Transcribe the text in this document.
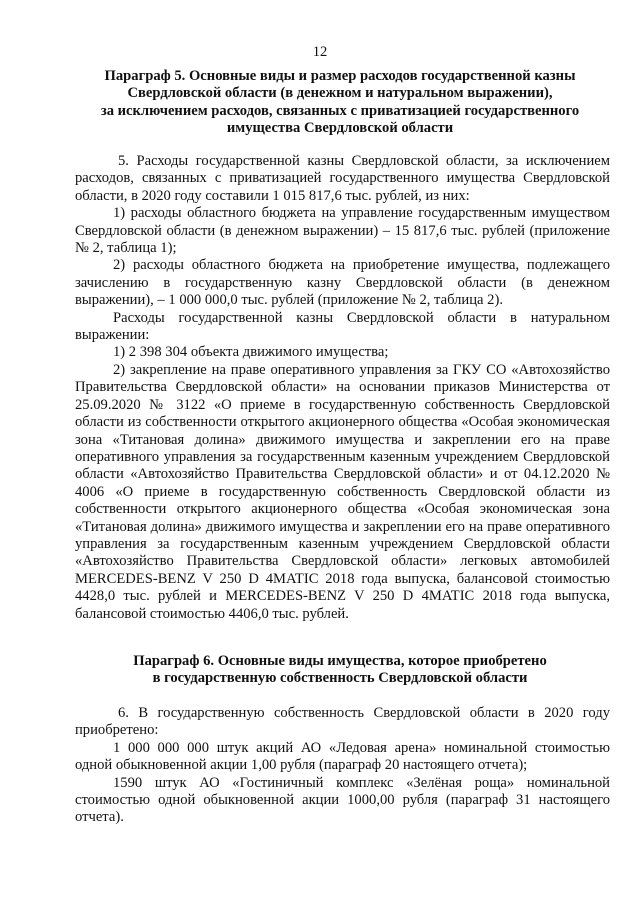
12
Параграф 5. Основные виды и размер расходов государственной казны
Свердловской области (в денежном и натуральном выражении),
за исключением расходов, связанных с приватизацией государственного
имущества Свердловской области

5. Расходы государственной казны Свердловской области, за исключением расходов, связанных с приватизацией государственного имущества Свердловской области, в 2020 году составили 1 015 817,6 тыс. рублей, из них:

1) расходы областного бюджета на управление государственным имуществом Свердловской области (в денежном выражении) – 15 817,6 тыс. рублей (приложение № 2, таблица 1);

2) расходы областного бюджета на приобретение имущества, подлежащего зачислению в государственную казну Свердловской области (в денежном выражении), – 1 000 000,0 тыс. рублей (приложение № 2, таблица 2).

Расходы государственной казны Свердловской области в натуральном выражении:

1) 2 398 304 объекта движимого имущества;

2) закрепление на праве оперативного управления за ГКУ СО «Автохозяйство Правительства Свердловской области» на основании приказов Министерства от 25.09.2020 № 3122 «О приеме в государственную собственность Свердловской области из собственности открытого акционерного общества «Особая экономическая зона «Титановая долина» движимого имущества и закреплении его на праве оперативного управления за государственным казенным учреждением Свердловской области «Автохозяйство Правительства Свердловской области» и от 04.12.2020 № 4006 «О приеме в государственную собственность Свердловской области из собственности открытого акционерного общества «Особая экономическая зона «Титановая долина» движимого имущества и закреплении его на праве оперативного управления за государственным казенным учреждением Свердловской области «Автохозяйство Правительства Свердловской области» легковых автомобилей MERCEDES-BENZ V 250 D 4MATIC 2018 года выпуска, балансовой стоимостью 4428,0 тыс. рублей и MERCEDES-BENZ V 250 D 4MATIC 2018 года выпуска, балансовой стоимостью 4406,0 тыс. рублей.

Параграф 6. Основные виды имущества, которое приобретено
в государственную собственность Свердловской области

6. В государственную собственность Свердловской области в 2020 году приобретено:

1 000 000 000 штук акций АО «Ледовая арена» номинальной стоимостью одной обыкновенной акции 1,00 рубля (параграф 20 настоящего отчета);

1590 штук АО «Гостиничный комплекс «Зелёная роща» номинальной стоимостью одной обыкновенной акции 1000,00 рубля (параграф 31 настоящего отчета).
